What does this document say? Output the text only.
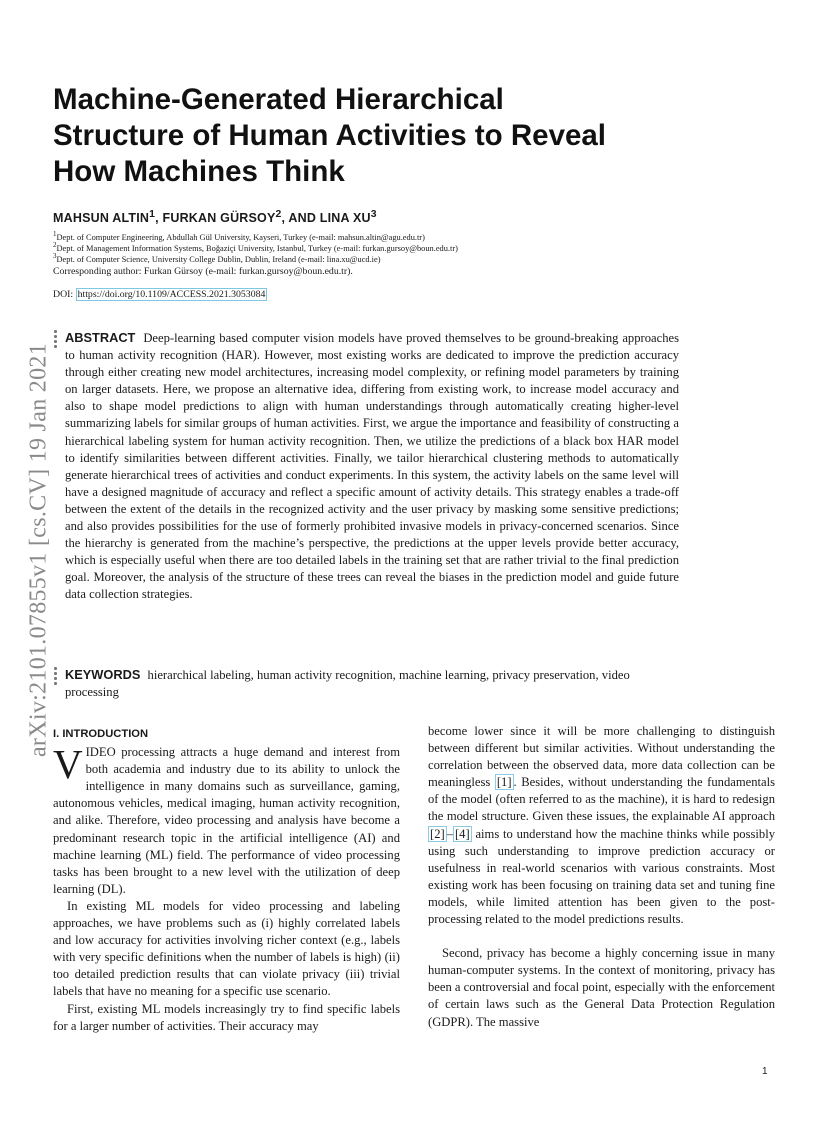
arXiv:2101.07855v1 [cs.CV] 19 Jan 2021
Machine-Generated Hierarchical
Structure of Human Activities to Reveal
How Machines Think
MAHSUN ALTIN$^1$, FURKAN GÜRSOY$^2$, AND LINA $XU^3$
$^1$Dept. of Computer Engineering, Abdullah Gül University, Kayseri, Turkey (e-mail: mahsun.altin@agu.edu.tr)
$^2$Dept. of Management Information Systems, Boğaziçi University, Istanbul, Turkey (e-mail: furkan.gursoy@boun.edu.tr)
$^3$Dept. of Computer Science, University College Dublin, Dublin, Ireland (e-mail: lina.xu@ucd.ie)
Corresponding author: Furkan Gürsoy (e-mail: furkan.gursoy@boun.edu.tr).
DOI: https://doi.org/10.1109/ACCESS.2021.3053084

ABSTRACT Deep-learning based computer vision models have proved themselves to be ground-breaking approaches to human activity recognition (HAR). However, most existing works are dedicated to improve the prediction accuracy through either creating new model architectures, increasing model complexity, or refining model parameters by training on larger datasets. Here, we propose an alternative idea, differing from existing work, to increase model accuracy and also to shape model predictions to align with human understandings through automatically creating higher-level summarizing labels for similar groups of human activities. First, we argue the importance and feasibility of constructing a hierarchical labeling system for human activity recognition. Then, we utilize the predictions of a black box HAR model to identify similarities between different activities. Finally, we tailor hierarchical clustering methods to automatically generate hierarchical trees of activities and conduct experiments. In this system, the activity labels on the same level will have a designed magnitude of accuracy and reflect a specific amount of activity details. This strategy enables a trade-off between the extent of the details in the recognized activity and the user privacy by masking some sensitive predictions; and also provides possibilities for the use of formerly prohibited invasive models in privacy-concerned scenarios. Since the hierarchy is generated from the machine’s perspective, the predictions at the upper levels provide better accuracy, which is especially useful when there are too detailed labels in the training set that are rather trivial to the final prediction goal. Moreover, the analysis of the structure of these trees can reveal the biases in the prediction model and guide future data collection strategies.

KEYWORDS hierarchical labeling, human activity recognition, machine learning, privacy preservation, video processing

I. INTRODUCTION

VIDEO processing attracts a huge demand and interest from both academia and industry due to its ability to unlock the intelligence in many domains such as surveillance, gaming, autonomous vehicles, medical imaging, human activity recognition, and alike. Therefore, video processing and analysis have become a predominant research topic in the artificial intelligence (AI) and machine learning (ML) field. The performance of video processing tasks has been brought to a new level with the utilization of deep learning (DL).

In existing ML models for video processing and labeling approaches, we have problems such as (i) highly correlated labels and low accuracy for activities involving richer context (e.g., labels with very specific definitions when the number of labels is high) (ii) too detailed prediction results that can violate privacy (iii) trivial labels that have no meaning for a specific use scenario.

First, existing ML models increasingly try to find specific labels for a larger number of activities. Their accuracy may

become lower since it will be more challenging to distinguish between different but similar activities. Without understanding the correlation between the observed data, more data collection can be meaningless [1] . Besides, without understanding the fundamentals of the model (often referred to as the machine), it is hard to redesign the model structure. Given these issues, the explainable AI approach [2] – [4] aims to understand how the machine thinks while possibly using such understanding to improve prediction accuracy or usefulness in real-world scenarios with various constraints. Most existing work has been focusing on training data set and tuning fine models, while limited attention has been given to the post-processing related to the model predictions results.

Second, privacy has become a highly concerning issue in many human-computer systems. In the context of monitoring, privacy has been a controversial and focal point, especially with the enforcement of certain laws such as the General Data Protection Regulation (GDPR). The massive

1
